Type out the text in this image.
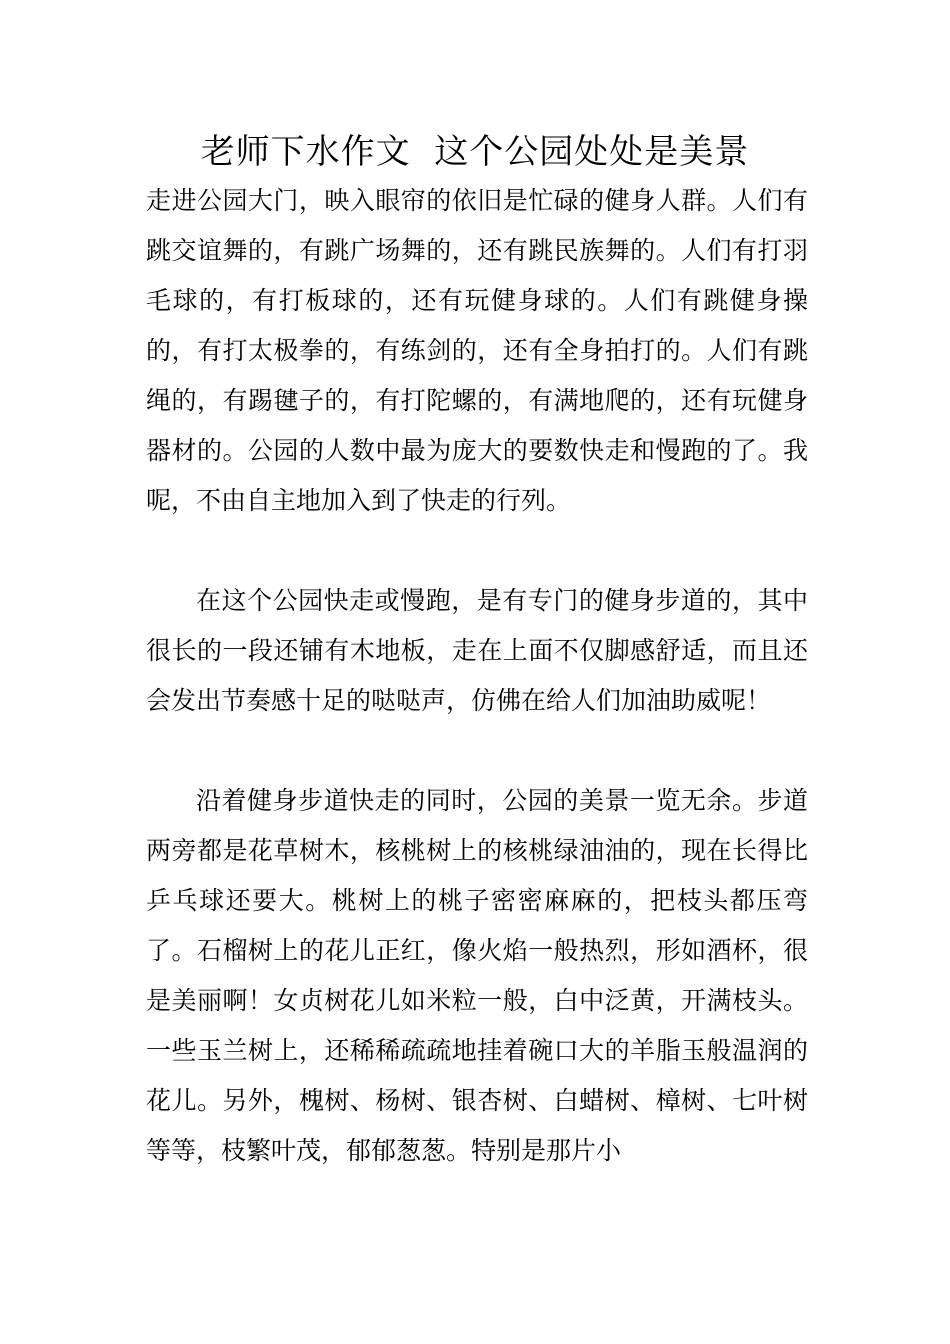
老师下水作文  这个公园处处是美景

走进公园大门，映入眼帘的依旧是忙碌的健身人群。人们有跳交谊舞的，有跳广场舞的，还有跳民族舞的。人们有打羽毛球的，有打板球的，还有玩健身球的。人们有跳健身操的，有打太极拳的，有练剑的，还有全身拍打的。人们有跳绳的，有踢毽子的，有打陀螺的，有满地爬的，还有玩健身器材的。公园的人数中最为庞大的要数快走和慢跑的了。我呢，不由自主地加入到了快走的行列。

在这个公园快走或慢跑，是有专门的健身步道的，其中很长的一段还铺有木地板，走在上面不仅脚感舒适，而且还会发出节奏感十足的哒哒声，仿佛在给人们加油助威呢！

沿着健身步道快走的同时，公园的美景一览无余。步道两旁都是花草树木，核桃树上的核桃绿油油的，现在长得比乒乓球还要大。桃树上的桃子密密麻麻的，把枝头都压弯了。石榴树上的花儿正红，像火焰一般热烈，形如酒杯，很是美丽啊！女贞树花儿如米粒一般，白中泛黄，开满枝头。一些玉兰树上，还稀稀疏疏地挂着碗口大的羊脂玉般温润的花儿。另外，槐树、杨树、银杏树、白蜡树、樟树、七叶树等等，枝繁叶茂，郁郁葱葱。特别是那片小
